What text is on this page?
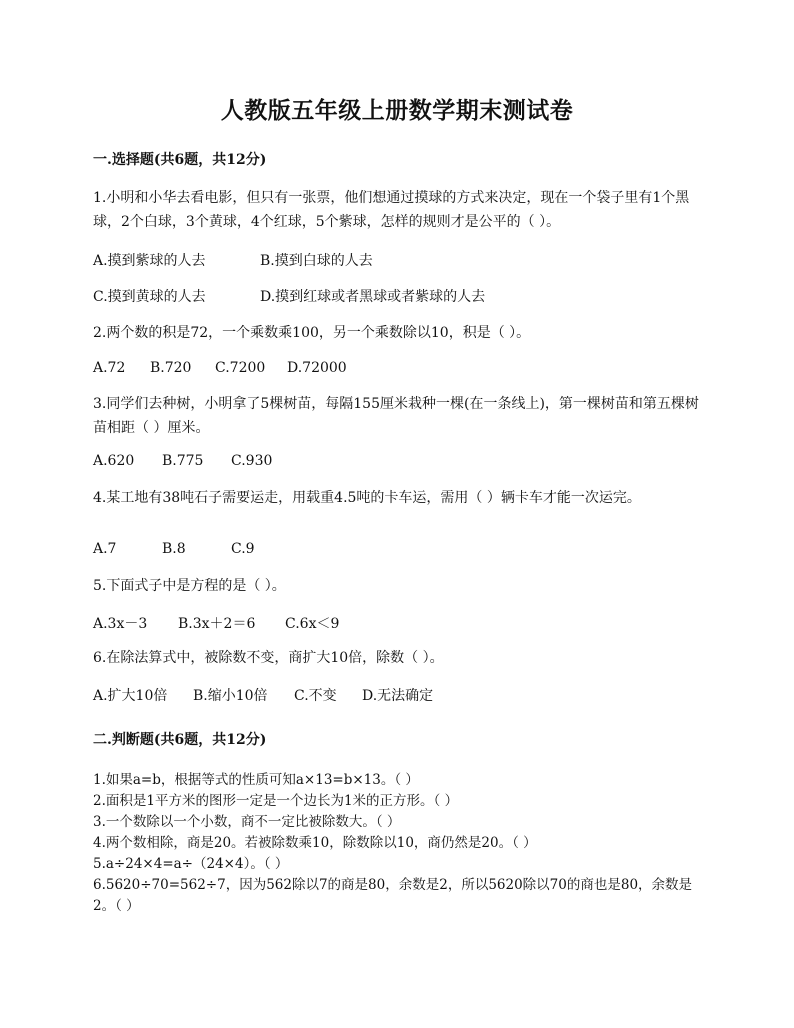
人教版五年级上册数学期末测试卷
一.选择题(共6题，共12分)
1.小明和小华去看电影，但只有一张票，他们想通过摸球的方式来决定，现在一个袋子里有1个黑球，2个白球，3个黄球，4个红球，5个紫球，怎样的规则才是公平的（ ）。
A.摸到紫球的人去	B.摸到白球的人去
C.摸到黄球的人去	D.摸到红球或者黑球或者紫球的人去
2.两个数的积是72，一个乘数乘100，另一个乘数除以10，积是（ ）。
A.72 B.720 C.7200 D.72000
3.同学们去种树，小明拿了5棵树苗，每隔155厘米栽种一棵(在一条线上)，第一棵树苗和第五棵树苗相距（ ）厘米。
A.620 B.775 C.930
4.某工地有38吨石子需要运走，用载重4.5吨的卡车运，需用（ ）辆卡车才能一次运完。
A.7	B.8	C.9
5.下面式子中是方程的是（ ）。
A.3x－3 B.3x＋2＝6 C.6x＜9
6.在除法算式中，被除数不变，商扩大10倍，除数（ ）。
A.扩大10倍 B.缩小10倍 C.不变 D.无法确定
二.判断题(共6题，共12分)
1.如果a=b，根据等式的性质可知a×13=b×13。（ ）
2.面积是1平方米的图形一定是一个边长为1米的正方形。（ ）
3.一个数除以一个小数，商不一定比被除数大。（ ）
4.两个数相除，商是20。若被除数乘10，除数除以10，商仍然是20。（ ）
5.a÷24×4=a÷（24×4）。（ ）
6.5620÷70=562÷7，因为562除以7的商是80，余数是2，所以5620除以70的商也是80，余数是2。（ ）
